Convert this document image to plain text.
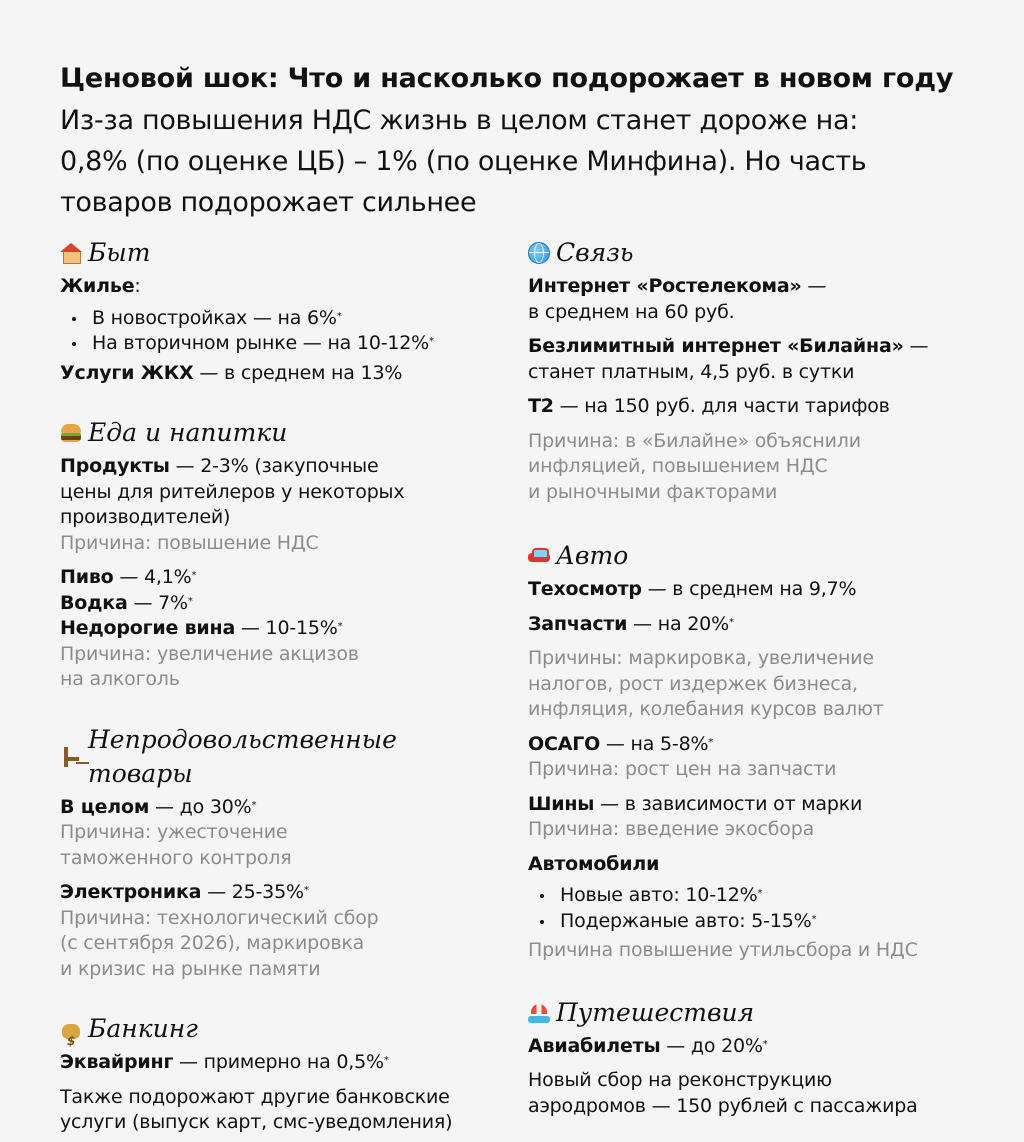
Ценовой шок: Что и насколько подорожает в новом году
Из-за повышения НДС жизнь в целом станет дороже на:
0,8% (по оценке ЦБ) – 1% (по оценке Минфина). Но часть
товаров подорожает сильнее
Быт
Жилье:
В новостройках — на 6%*
На вторичном рынке — на 10-12%*
Услуги ЖКХ — в среднем на 13%
Еда и напитки
Продукты — 2-3% (закупочные
цены для ритейлеров у некоторых
производителей)
Причина: повышение НДС
Пиво — 4,1%*
Водка — 7%*
Недорогие вина — 10-15%*
Причина: увеличение акцизов
на алкоголь
Непродовольственные товары
В целом — до 30%*
Причина: ужесточение
таможенного контроля
Электроника — 25-35%*
Причина: технологический сбор
(с сентября 2026), маркировка
и кризис на рынке памяти
$
Банкинг
Эквайринг — примерно на 0,5%*
Также подорожают другие банковские
услуги (выпуск карт, смс-уведомления)
Связь
Интернет «Ростелекома» —
в среднем на 60 руб.
Безлимитный интернет «Билайна» —
станет платным, 4,5 руб. в сутки
Т2 — на 150 руб. для части тарифов
Причина: в «Билайне» объяснили
инфляцией, повышением НДС
и рыночными факторами
Авто
Техосмотр — в среднем на 9,7%
Запчасти — на 20%*
Причины: маркировка, увеличение
налогов, рост издержек бизнеса,
инфляция, колебания курсов валют
ОСАГО — на 5-8%*
Причина: рост цен на запчасти
Шины — в зависимости от марки
Причина: введение экосбора
Автомобили
Новые авто: 10-12%*
Подержаные авто: 5-15%*
Причина повышение утильсбора и НДС
Путешествия
Авиабилеты — до 20%*
Новый сбор на реконструкцию
аэродромов — 150 рублей с пассажира
